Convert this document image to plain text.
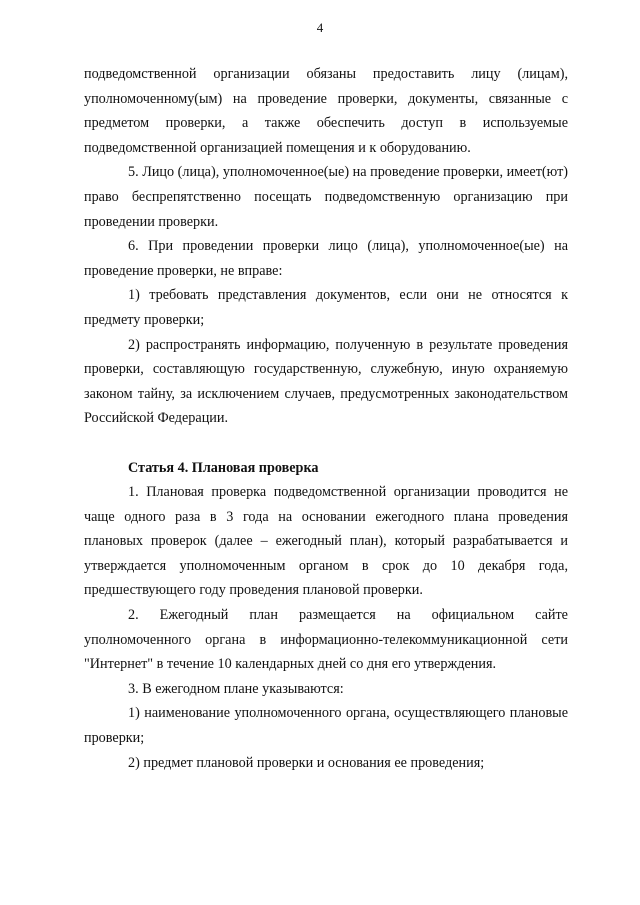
4

подведомственной организации обязаны предоставить лицу (лицам), уполномоченному(ым) на проведение проверки, документы, связанные с предметом проверки, а также обеспечить доступ в используемые подведомственной организацией помещения и к оборудованию.

5. Лицо (лица), уполномоченное(ые) на проведение проверки, имеет(ют) право беспрепятственно посещать подведомственную организацию при проведении проверки.

6. При проведении проверки лицо (лица), уполномоченное(ые) на проведение проверки, не вправе:

1) требовать представления документов, если они не относятся к предмету проверки;

2) распространять информацию, полученную в результате проведения проверки, составляющую государственную, служебную, иную охраняемую законом тайну, за исключением случаев, предусмотренных законодательством Российской Федерации.

Статья 4. Плановая проверка

1. Плановая проверка подведомственной организации проводится не чаще одного раза в 3 года на основании ежегодного плана проведения плановых проверок (далее – ежегодный план), который разрабатывается и утверждается уполномоченным органом в срок до 10 декабря года, предшествующего году проведения плановой проверки.

2. Ежегодный план размещается на официальном сайте уполномоченного органа в информационно-телекоммуникационной сети "Интернет" в течение 10 календарных дней со дня его утверждения.

3. В ежегодном плане указываются:

1) наименование уполномоченного органа, осуществляющего плановые проверки;

2) предмет плановой проверки и основания ее проведения;
